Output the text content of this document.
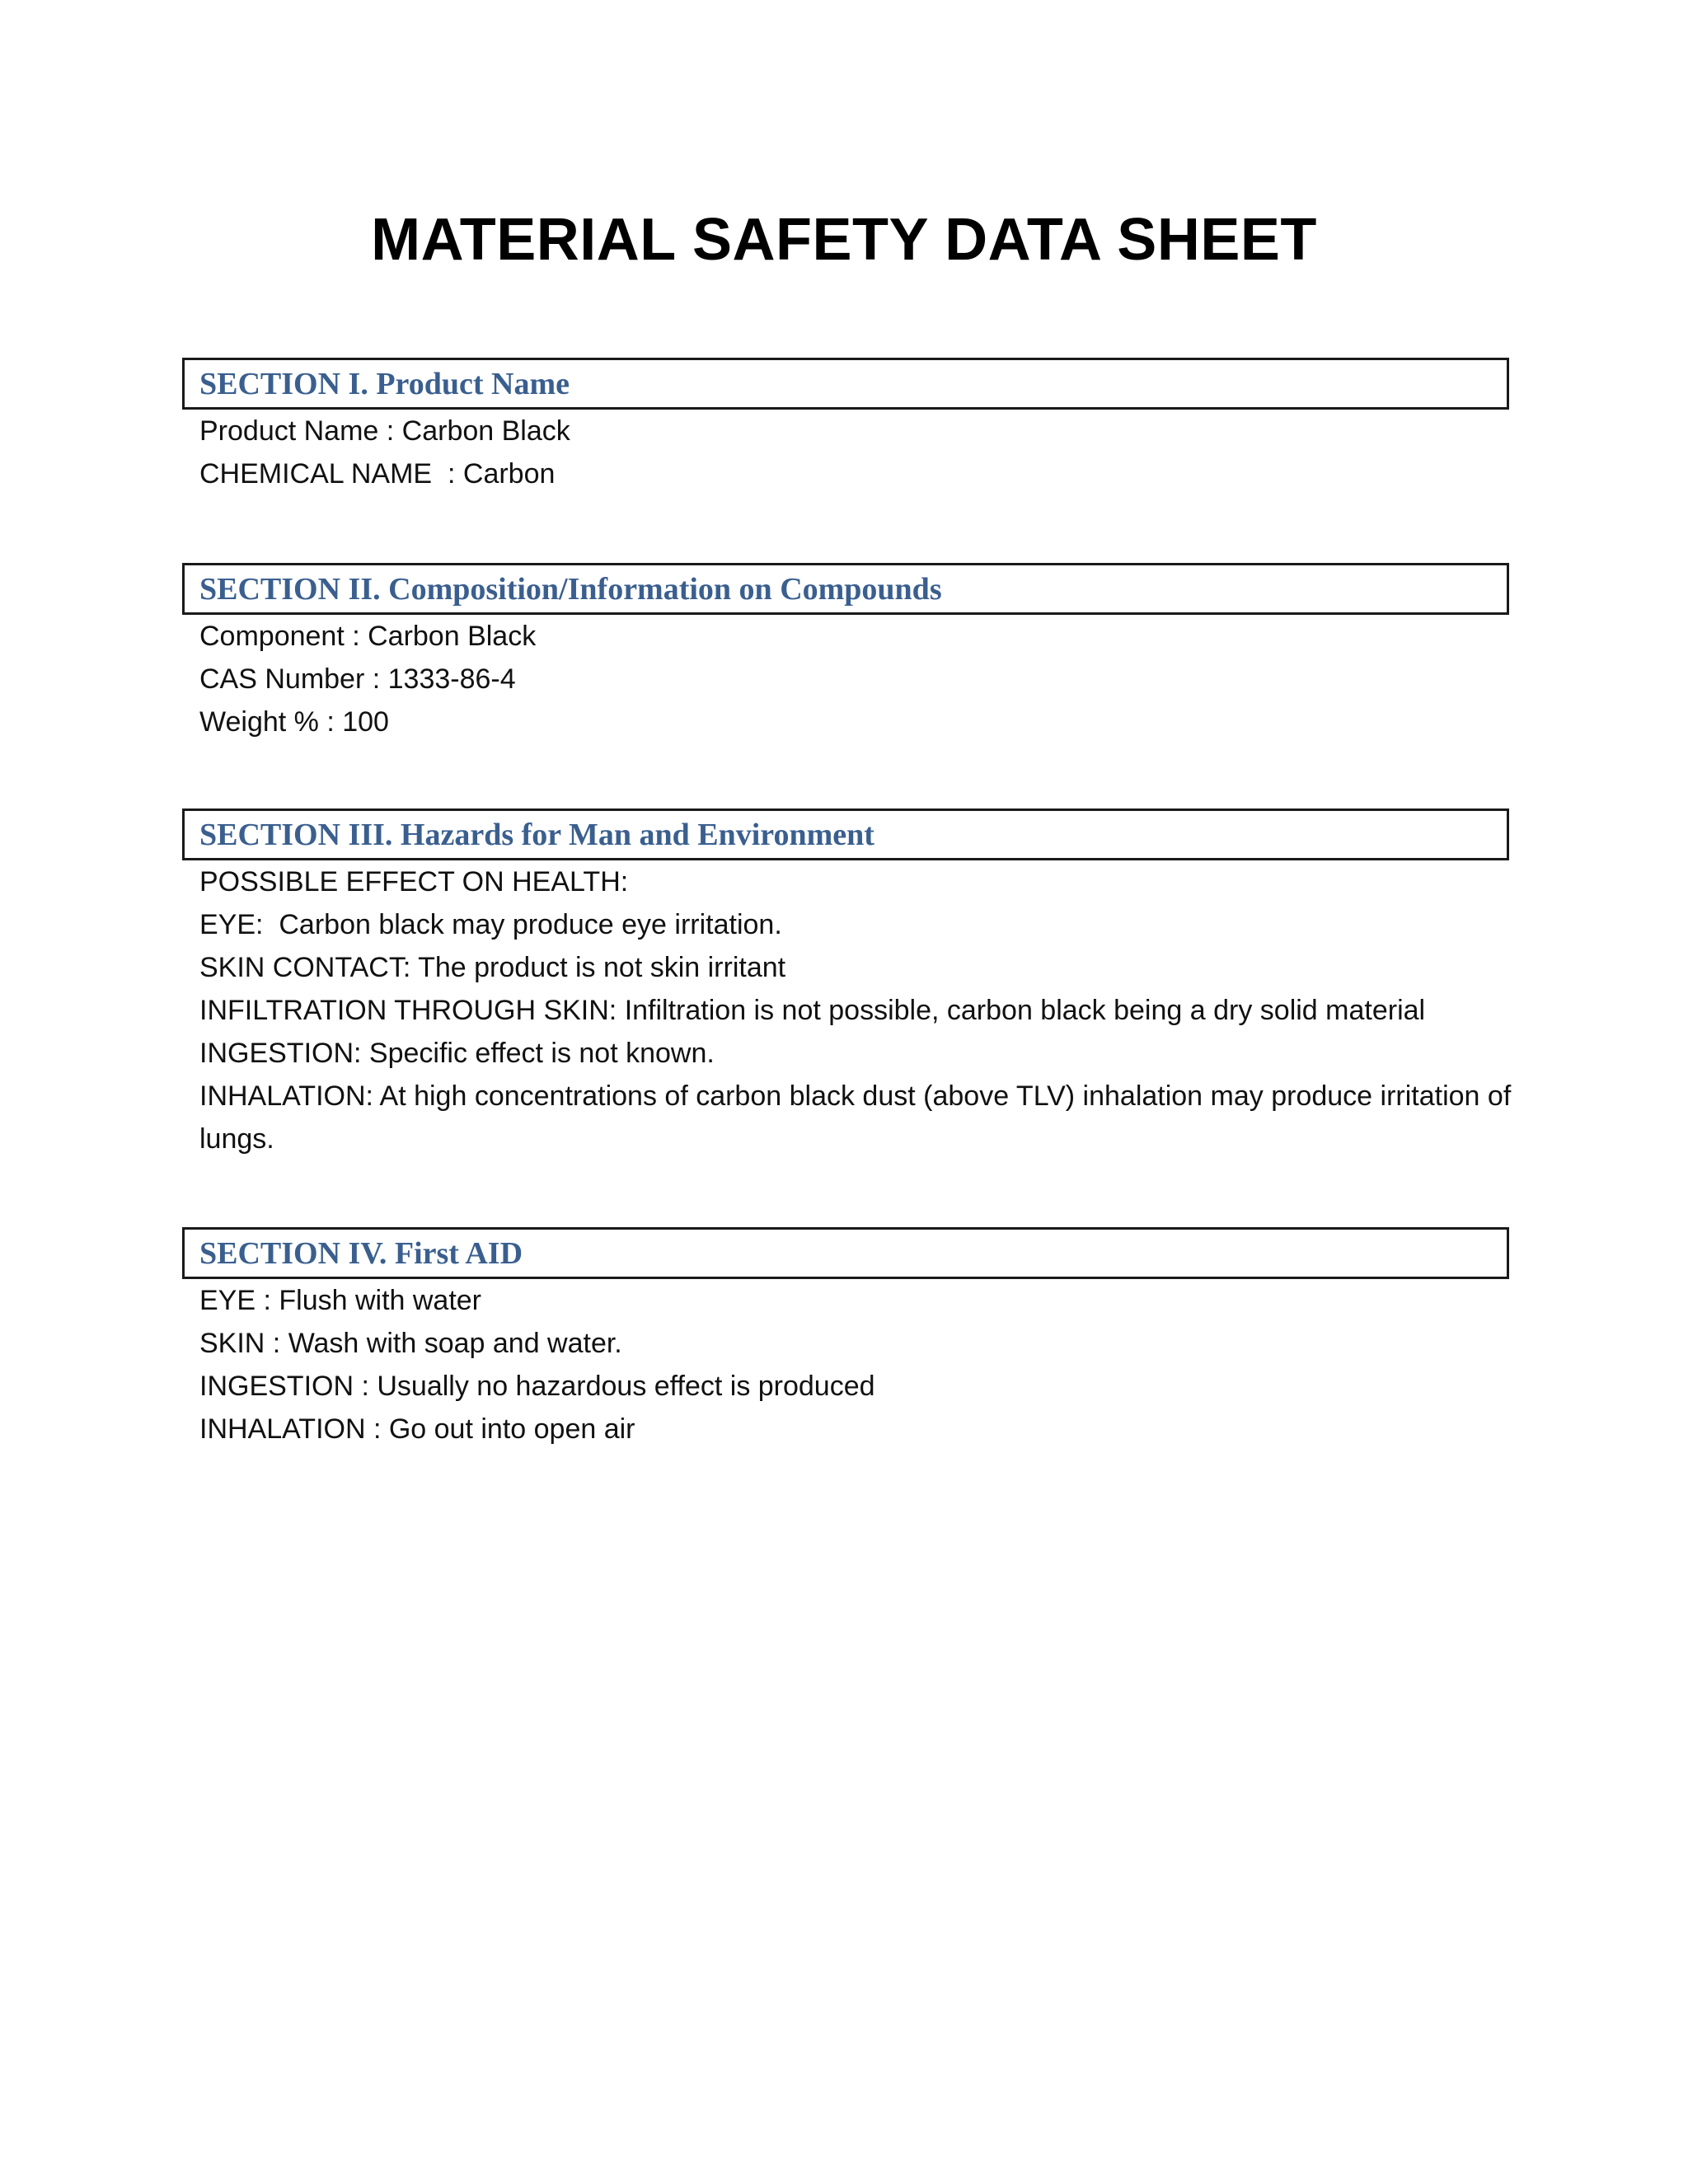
MATERIAL SAFETY DATA SHEET
SECTION I. Product Name
Product Name : Carbon Black
CHEMICAL NAME  : Carbon
SECTION II. Composition/Information on Compounds
Component : Carbon Black
CAS Number : 1333-86-4
Weight % : 100
SECTION III. Hazards for Man and Environment
POSSIBLE EFFECT ON HEALTH:
EYE:  Carbon black may produce eye irritation.
SKIN CONTACT: The product is not skin irritant
INFILTRATION THROUGH SKIN: Infiltration is not possible, carbon black being a dry solid material
INGESTION: Specific effect is not known.
INHALATION: At high concentrations of carbon black dust (above TLV) inhalation may produce irritation of lungs.
SECTION IV. First AID
EYE : Flush with water
SKIN : Wash with soap and water.
INGESTION : Usually no hazardous effect is produced
INHALATION : Go out into open air
